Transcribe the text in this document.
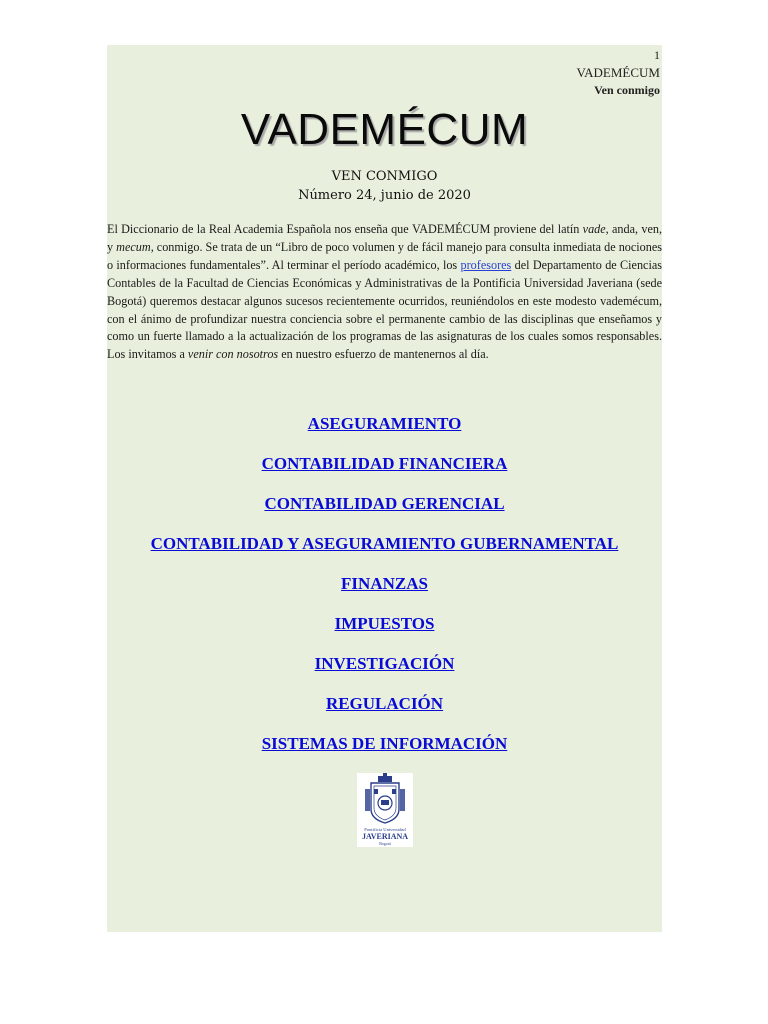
1
VADEMÉCUM
Ven conmigo
VADEMÉCUM
VEN CONMIGO
Número 24, junio de 2020
El Diccionario de la Real Academia Española nos enseña que VADEMÉCUM proviene del latín vade, anda, ven, y mecum, conmigo. Se trata de un “Libro de poco volumen y de fácil manejo para consulta inmediata de nociones o informaciones fundamentales”. Al terminar el período académico, los profesores del Departamento de Ciencias Contables de la Facultad de Ciencias Económicas y Administrativas de la Pontificia Universidad Javeriana (sede Bogotá) queremos destacar algunos sucesos recientemente ocurridos, reuniéndolos en este modesto vademécum, con el ánimo de profundizar nuestra conciencia sobre el permanente cambio de las disciplinas que enseñamos y como un fuerte llamado a la actualización de los programas de las asignaturas de los cuales somos responsables. Los invitamos a venir con nosotros en nuestro esfuerzo de mantenernos al día.
ASEGURAMIENTO
CONTABILIDAD FINANCIERA
CONTABILIDAD GERENCIAL
CONTABILIDAD Y ASEGURAMIENTO GUBERNAMENTAL
FINANZAS
IMPUESTOS
INVESTIGACIÓN
REGULACIÓN
SISTEMAS DE INFORMACIÓN
Pontificia Universidad
JAVERIANA
Bogotá
